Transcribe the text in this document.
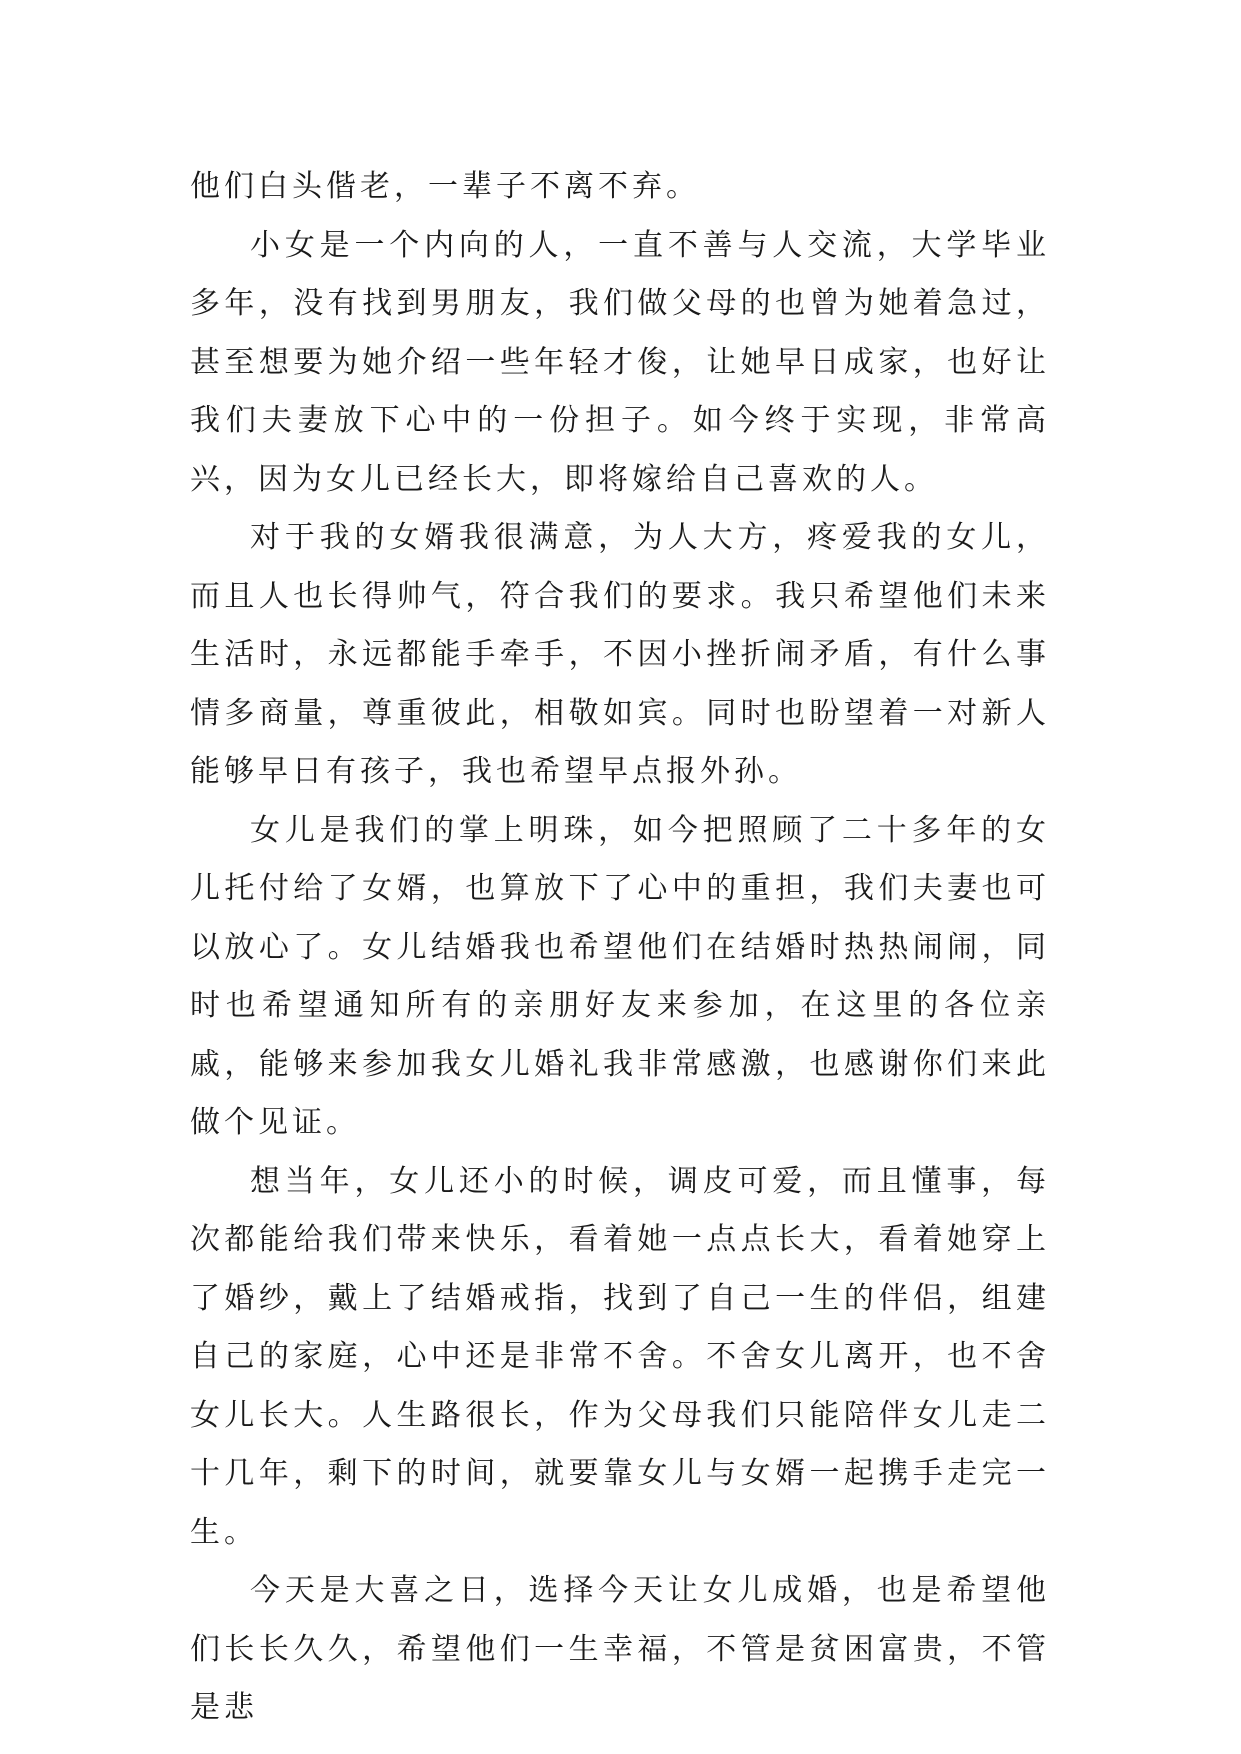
他们白头偕老，一辈子不离不弃。

小女是一个内向的人，一直不善与人交流，大学毕业多年，没有找到男朋友，我们做父母的也曾为她着急过，甚至想要为她介绍一些年轻才俊，让她早日成家，也好让我们夫妻放下心中的一份担子。如今终于实现，非常高兴，因为女儿已经长大，即将嫁给自己喜欢的人。

对于我的女婿我很满意，为人大方，疼爱我的女儿，而且人也长得帅气，符合我们的要求。我只希望他们未来生活时，永远都能手牵手，不因小挫折闹矛盾，有什么事情多商量，尊重彼此，相敬如宾。同时也盼望着一对新人能够早日有孩子，我也希望早点报外孙。

女儿是我们的掌上明珠，如今把照顾了二十多年的女儿托付给了女婿，也算放下了心中的重担，我们夫妻也可以放心了。女儿结婚我也希望他们在结婚时热热闹闹，同时也希望通知所有的亲朋好友来参加，在这里的各位亲戚，能够来参加我女儿婚礼我非常感激，也感谢你们来此做个见证。

想当年，女儿还小的时候，调皮可爱，而且懂事，每次都能给我们带来快乐，看着她一点点长大，看着她穿上了婚纱，戴上了结婚戒指，找到了自己一生的伴侣，组建自己的家庭，心中还是非常不舍。不舍女儿离开，也不舍女儿长大。人生路很长，作为父母我们只能陪伴女儿走二十几年，剩下的时间，就要靠女儿与女婿一起携手走完一生。

今天是大喜之日，选择今天让女儿成婚，也是希望他们长长久久，希望他们一生幸福，不管是贫困富贵，不管是悲
